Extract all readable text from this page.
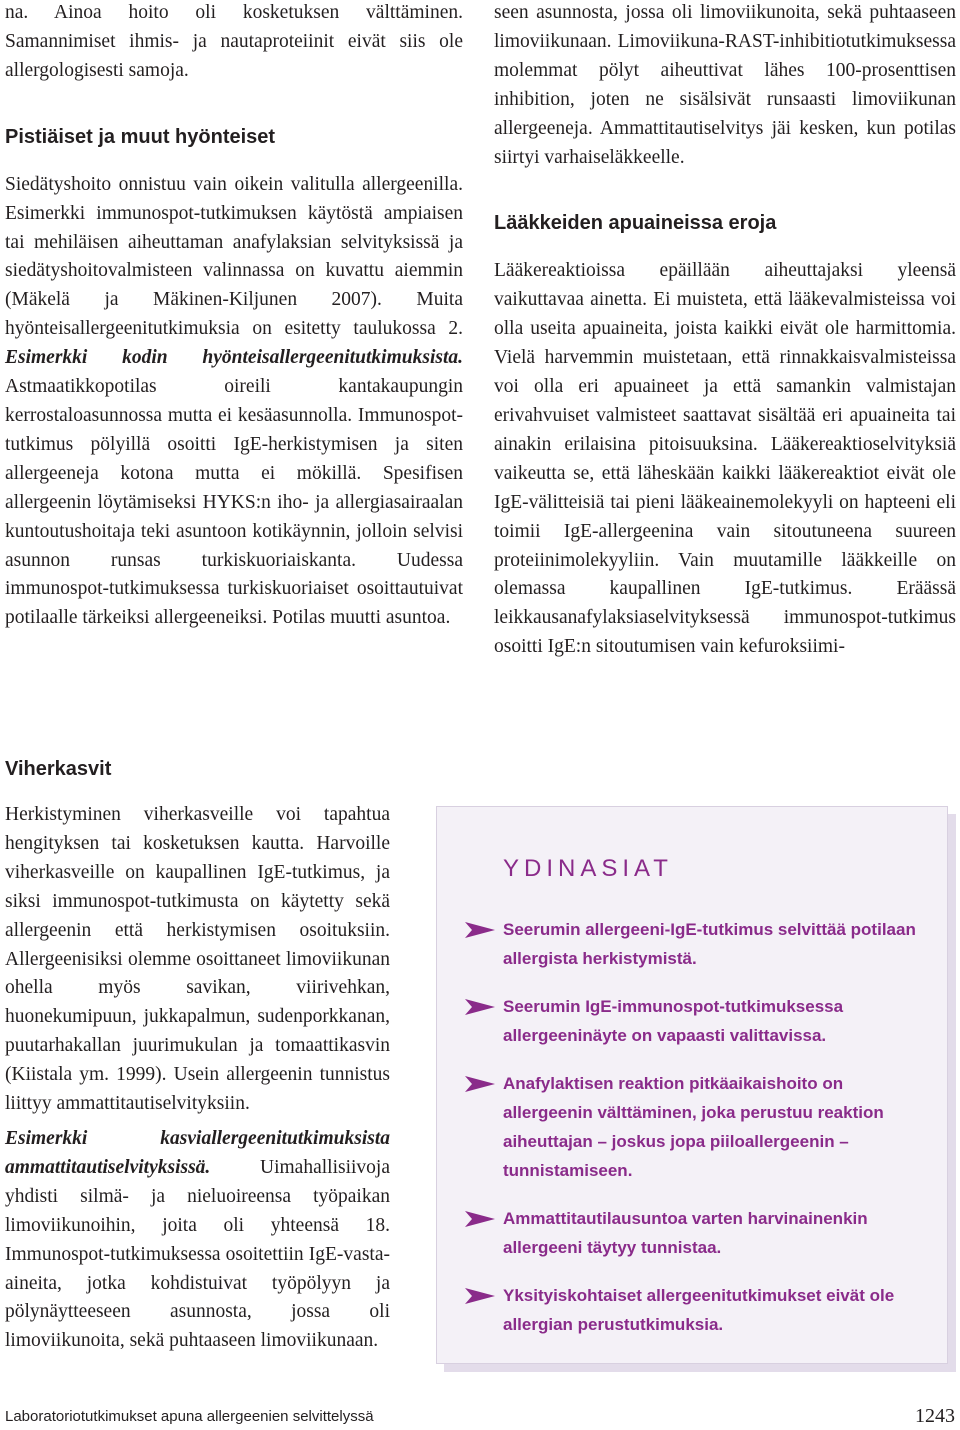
na. Ainoa hoito oli kosketuksen välttäminen. Samannimiset ihmis- ja nautaproteiinit eivät siis ole allergologisesti samoja.

Pistiäiset ja muut hyönteiset

Siedätyshoito onnistuu vain oikein valitulla allergeenilla. Esimerkki immunospot-tutkimuksen käytöstä ampiaisen tai mehiläisen aiheuttaman anafylaksian selvityksissä ja siedätyshoitovalmisteen valinnassa on kuvattu aiemmin (Mäkelä ja Mäkinen-Kiljunen 2007). Muita hyönteisallergeenitutkimuksia on esitetty taulukossa 2. Esimerkki kodin hyönteisallergeenitutkimuksista. Astmaatikkopotilas oireili kantakaupungin kerrostaloasunnossa mutta ei kesäasunnolla. Immunospot-tutkimus pölyillä osoitti IgE-herkistymisen ja siten allergeeneja kotona mutta ei mökillä. Spesifisen allergeenin löytämiseksi HYKS:n iho- ja allergiasairaalan kuntoutushoitaja teki asuntoon kotikäynnin, jolloin selvisi asunnon runsas turkiskuoriaiskanta. Uudessa immunospot-tutkimuksessa turkiskuoriaiset osoittautuivat potilaalle tärkeiksi allergeeneiksi. Potilas muutti asuntoa.

Viherkasvit

Herkistyminen viherkasveille voi tapahtua hengityksen tai kosketuksen kautta. Harvoille viherkasveille on kaupallinen IgE-tutkimus, ja siksi immunospot-tutkimusta on käytetty sekä allergeenin että herkistymisen osoituksiin. Allergeenisiksi olemme osoittaneet limoviikunan ohella myös savikan, viirivehkan, huonekumipuun, jukkapalmun, sudenporkkanan, puutarhakallan juurimukulan ja tomaattikasvin (Kiistala ym. 1999). Usein allergeenin tunnistus liittyy ammattitautiselvityksiin.

Esimerkki kasviallergeenitutkimuksista ammattitautiselvityksissä. Uimahallisiivoja yhdisti silmä- ja nieluoireensa työpaikan limoviikunoihin, joita oli yhteensä 18. Immunospot-tutkimuksessa osoitettiin IgE-vasta-aineita, jotka kohdistuivat työpölyyn ja pölynäytteeseen asunnosta, jossa oli limoviikunoita, sekä puhtaaseen limoviikunaan.

seen asunnosta, jossa oli limoviikunoita, sekä puhtaaseen limoviikunaan. Limoviikuna-RAST-inhibitiotutkimuksessa molemmat pölyt aiheuttivat lähes 100-prosenttisen inhibition, joten ne sisälsivät runsaasti limoviikunan allergeeneja. Ammattitautiselvitys jäi kesken, kun potilas siirtyi varhaiseläkkeelle.

Lääkkeiden apuaineissa eroja

Lääkereaktioissa epäillään aiheuttajaksi yleensä vaikuttavaa ainetta. Ei muisteta, että lääkevalmisteissa voi olla useita apuaineita, joista kaikki eivät ole harmittomia. Vielä harvemmin muistetaan, että rinnakkaisvalmisteissa voi olla eri apuaineet ja että samankin valmistajan erivahvuiset valmisteet saattavat sisältää eri apuaineita tai ainakin erilaisina pitoisuuksina. Lääkereaktioselvityksiä vaikeutta se, että läheskään kaikki lääkereaktiot eivät ole IgE-välitteisiä tai pieni lääkeainemolekyyli on hapteeni eli toimii IgE-allergeenina vain sitoutuneena suureen proteiinimolekyyliin. Vain muutamille lääkkeille on olemassa kaupallinen IgE-tutkimus. Eräässä leikkausanafylaksiaselvityksessä immunospot-tutkimus osoitti IgE:n sitoutumisen vain kefuroksiimi-

YDINASIAT
Seerumin allergeeni-IgE-tutkimus selvittää potilaan allergista herkistymistä.
Seerumin IgE-immunospot-tutkimuksessa allergeeninäyte on vapaasti valittavissa.
Anafylaktisen reaktion pitkäaikaishoito on allergeenin välttäminen, joka perustuu reaktion aiheuttajan – joskus jopa piiloallergeenin – tunnistamiseen.
Ammattitautilausuntoa varten harvinainenkin allergeeni täytyy tunnistaa.
Yksityiskohtaiset allergeenitutkimukset eivät ole allergian perustutkimuksia.
Laboratoriotutkimukset apuna allergeenien selvittelyssä	1243
